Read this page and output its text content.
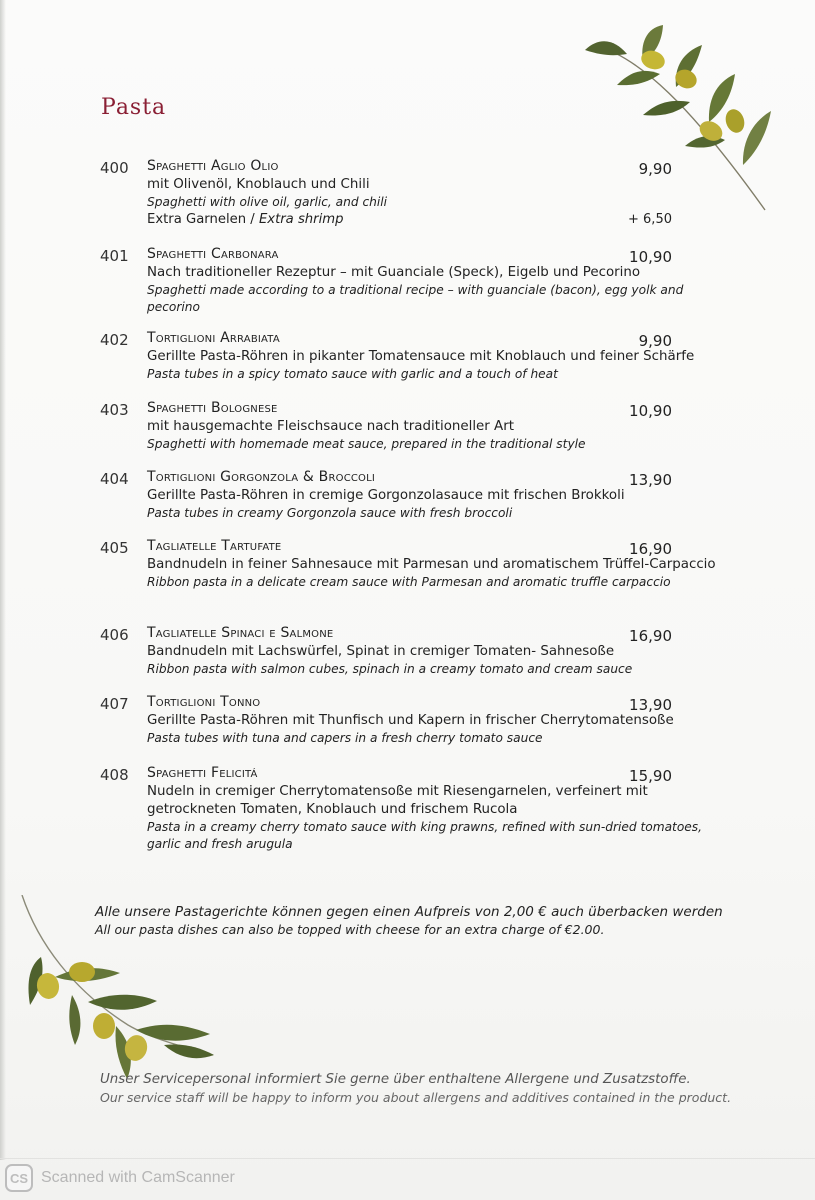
Pasta
400	Spaghetti Aglio Olio
mit Olivenöl, Knoblauch und Chili
Spaghetti with olive oil, garlic, and chili
Extra Garnelen / Extra shrimp
9,90
+ 6,50
401	Spaghetti Carbonara
Nach traditioneller Rezeptur – mit Guanciale (Speck), Eigelb und Pecorino
Spaghetti made according to a traditional recipe – with guanciale (bacon), egg yolk and pecorino
10,90
402	Tortiglioni Arrabiata
Gerillte Pasta-Röhren in pikanter Tomatensauce mit Knoblauch und feiner Schärfe
Pasta tubes in a spicy tomato sauce with garlic and a touch of heat
9,90
403	Spaghetti Bolognese
mit hausgemachte Fleischsauce nach traditioneller Art
Spaghetti with homemade meat sauce, prepared in the traditional style
10,90
404	Tortiglioni Gorgonzola & Broccoli
Gerillte Pasta-Röhren in cremige Gorgonzolasauce mit frischen Brokkoli
Pasta tubes in creamy Gorgonzola sauce with fresh broccoli
13,90
405	Tagliatelle Tartufate
Bandnudeln in feiner Sahnesauce mit Parmesan und aromatischem Trüffel-Carpaccio
Ribbon pasta in a delicate cream sauce with Parmesan and aromatic truffle carpaccio
16,90
406	Tagliatelle Spinaci e Salmone
Bandnudeln mit Lachswürfel, Spinat in cremiger Tomaten- Sahnesoße
Ribbon pasta with salmon cubes, spinach in a creamy tomato and cream sauce
16,90
407	Tortiglioni Tonno
Gerillte Pasta-Röhren mit Thunfisch und Kapern in frischer Cherrytomatensoße
Pasta tubes with tuna and capers in a fresh cherry tomato sauce
13,90
408	Spaghetti Felicitá
Nudeln in cremiger Cherrytomatensoße mit Riesengarnelen, verfeinert mit getrockneten Tomaten, Knoblauch und frischem Rucola
Pasta in a creamy cherry tomato sauce with king prawns, refined with sun-dried tomatoes, garlic and fresh arugula
15,90
Alle unsere Pastagerichte können gegen einen Aufpreis von 2,00 € auch überbacken werden
All our pasta dishes can also be topped with cheese for an extra charge of €2.00.
Unser Servicepersonal informiert Sie gerne über enthaltene Allergene und Zusatzstoffe.
Our service staff will be happy to inform you about allergens and additives contained in the product.
CS Scanned with CamScanner
